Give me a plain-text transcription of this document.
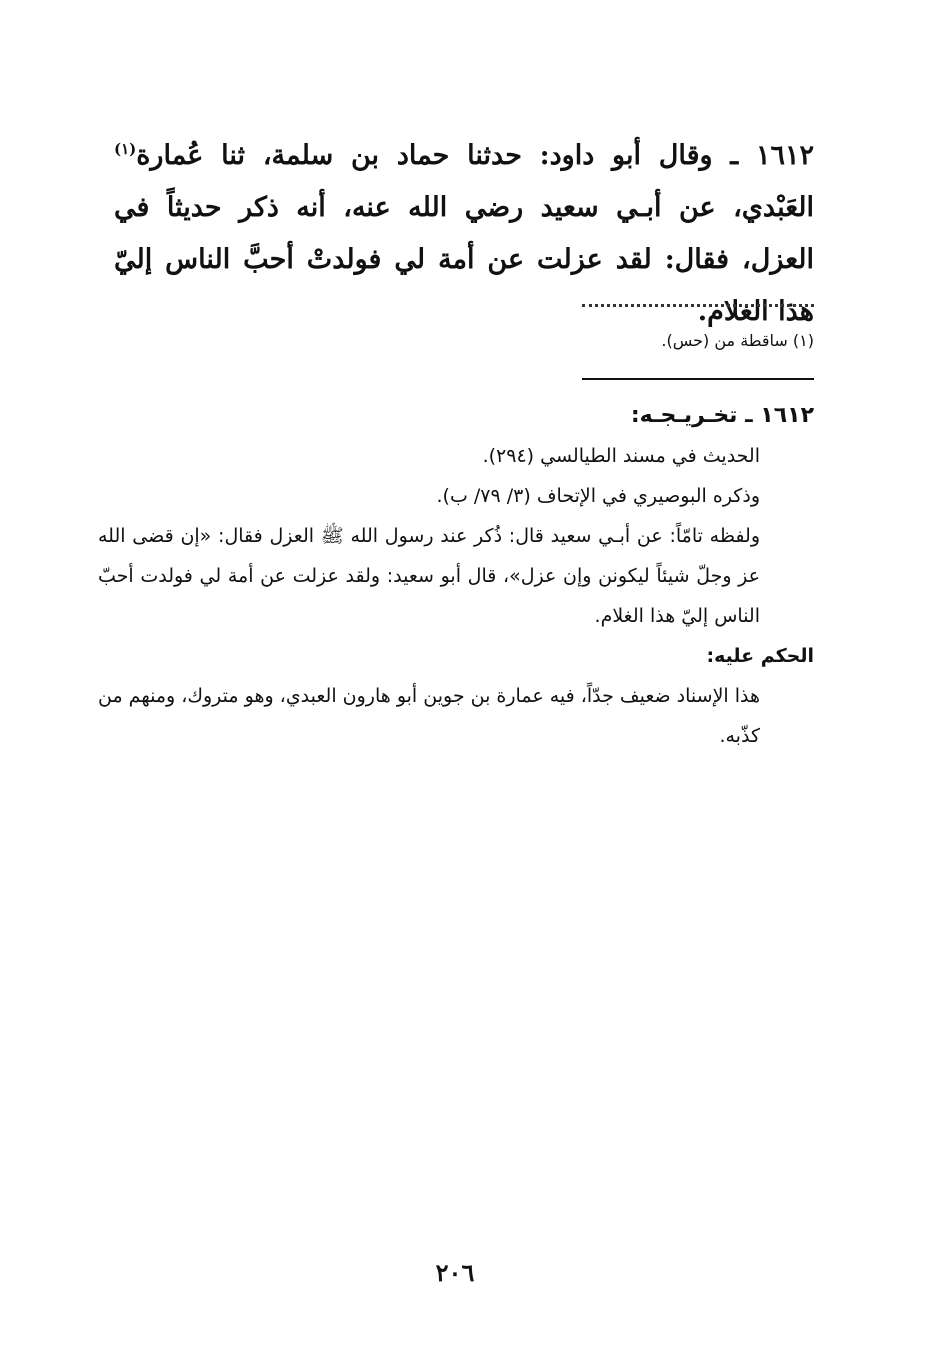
١٦١٢ ـ وقال أبو داود: حدثنا حماد بن سلمة، ثنا عُمارة$^{(١)}$ العَبْدي، عن أبـي سعيد رضي الله عنه، أنه ذكر حديثاً في العزل، فقال: لقد عزلت عن أمة لي فولدتْ أحبَّ الناس إليّ هذا الغلام.

(١) ساقطة من (حس).

١٦١٢ ـ تخـريـجـه:

الحديث في مسند الطيالسي (٢٩٤).

وذكره البوصيري في الإتحاف (٣/ ٧٩/ ب).

ولفظه تامّاً: عن أبـي سعيد قال: ذُكر عند رسول الله ﷺ العزل فقال: «إن قضى الله عز وجلّ شيئاً ليكونن وإن عزل»، قال أبو سعيد: ولقد عزلت عن أمة لي فولدت أحبّ الناس إليّ هذا الغلام.

الحكم عليه:

هذا الإسناد ضعيف جدّاً، فيه عمارة بن جوين أبو هارون العبدي، وهو متروك، ومنهم من كذّبه.

٢٠٦
